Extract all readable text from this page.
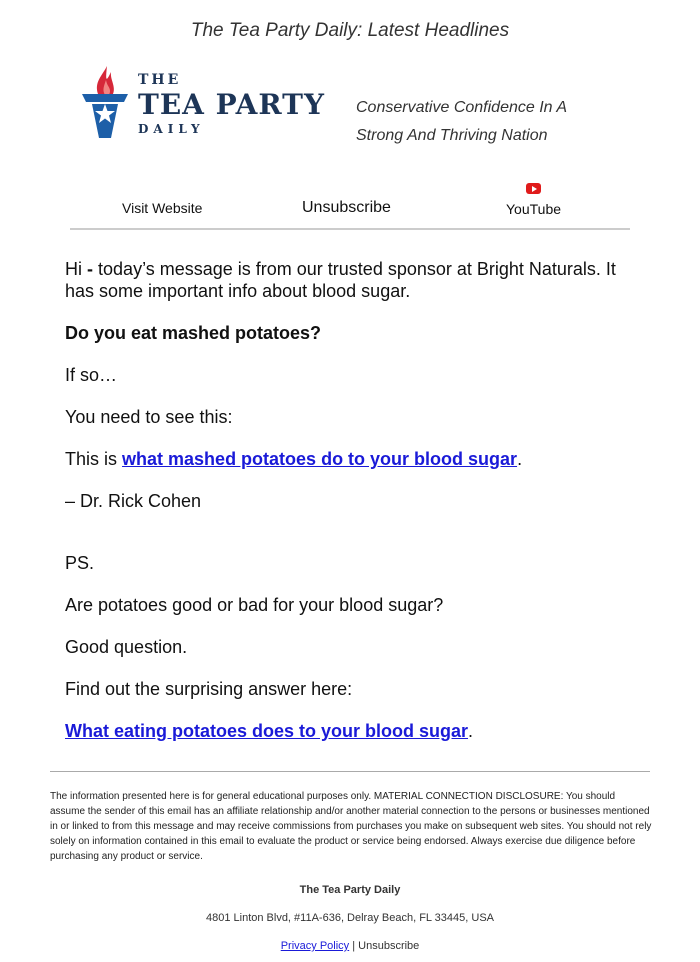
The Tea Party Daily: Latest Headlines
THE
TEA PARTY
DAILY
Conservative Confidence In A
Strong And Thriving Nation
Visit Website	Unsubscribe	YouTube

Hi - today’s message is from our trusted sponsor at Bright Naturals. It has some important info about blood sugar.

Do you eat mashed potatoes?

If so…

You need to see this:

This is what mashed potatoes do to your blood sugar.

– Dr. Rick Cohen

PS.

Are potatoes good or bad for your blood sugar?

Good question.

Find out the surprising answer here:

What eating potatoes does to your blood sugar.

The information presented here is for general educational purposes only. MATERIAL CONNECTION DISCLOSURE: You should assume the sender of this email has an affiliate relationship and/or another material connection to the persons or businesses mentioned in or linked to from this message and may receive commissions from purchases you make on subsequent web sites. You should not rely solely on information contained in this email to evaluate the product or service being endorsed. Always exercise due diligence before purchasing any product or service.
The Tea Party Daily
4801 Linton Blvd, #11A-636, Delray Beach, FL 33445, USA
Privacy Policy | Unsubscribe
